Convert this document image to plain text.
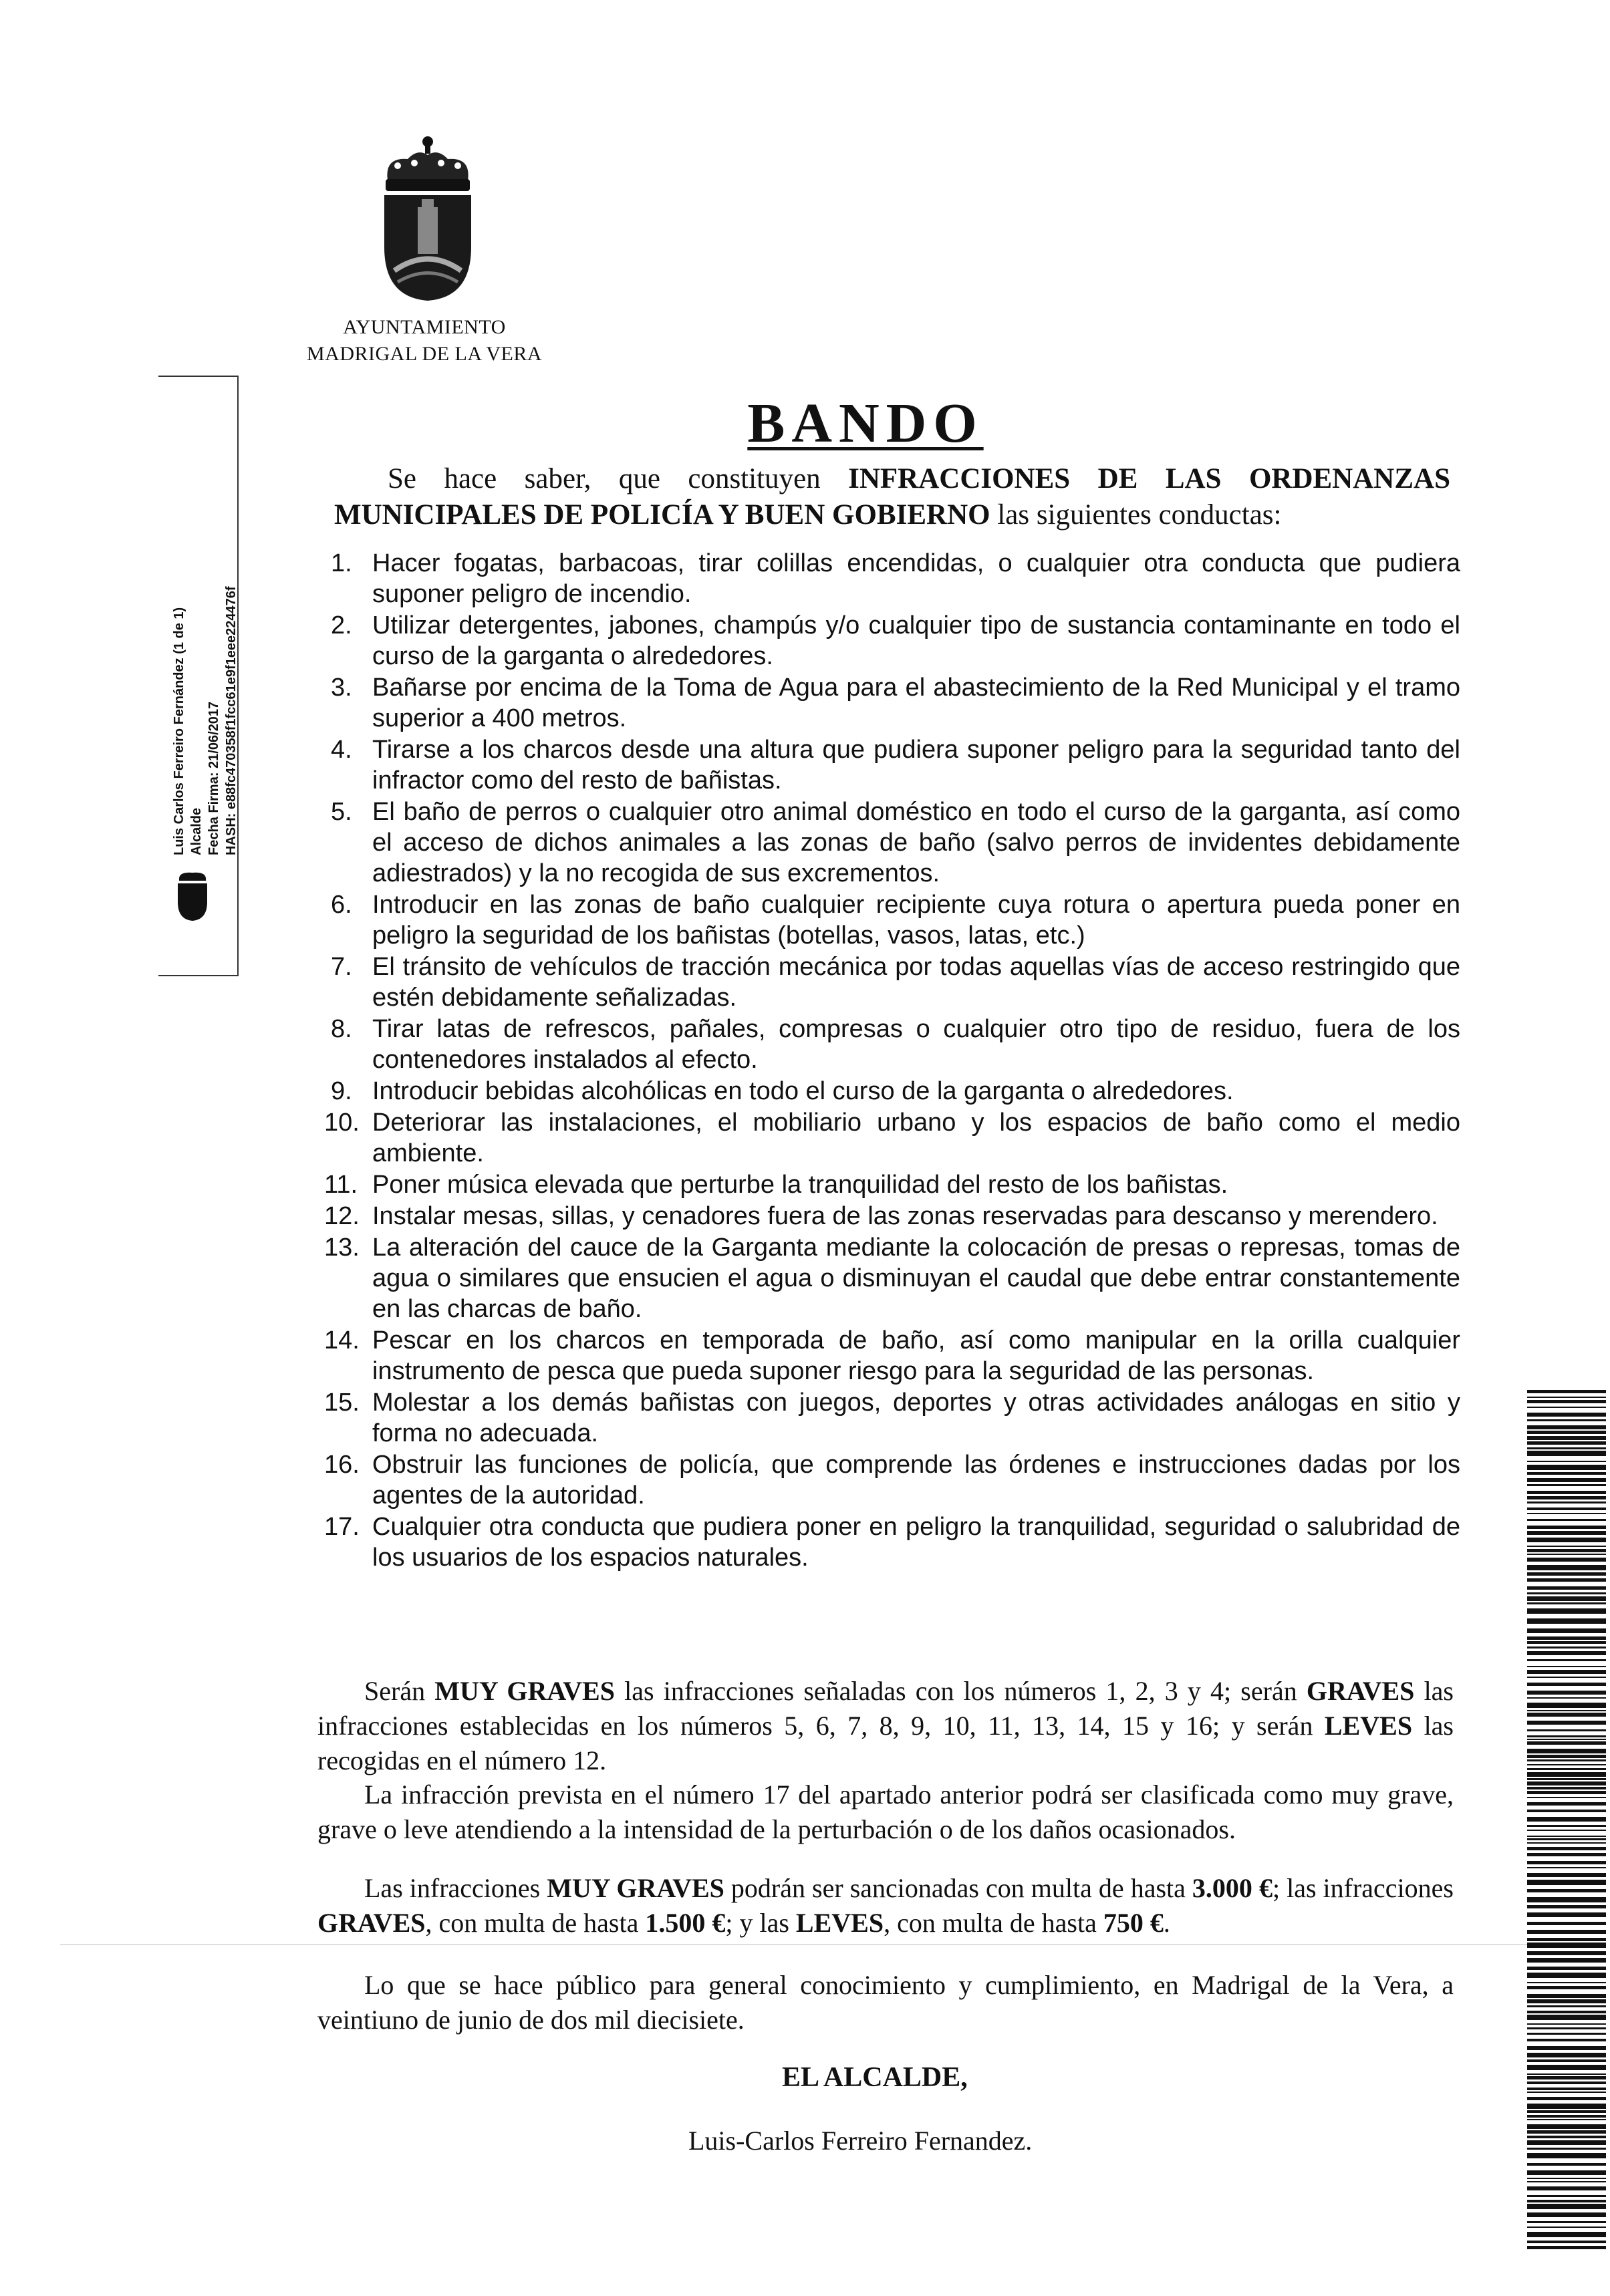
AYUNTAMIENTO
MADRIGAL DE LA VERA
Luis Carlos Ferreiro Fernández (1 de 1) Alcalde Fecha Firma: 21/06/2017 HASH: e88fc470358f1fcc61e9f1eee224476f
BANDO
Se hace saber, que constituyen INFRACCIONES DE LAS ORDENANZAS MUNICIPALES DE POLICÍA Y BUEN GOBIERNO las siguientes conductas:
1. Hacer fogatas, barbacoas, tirar colillas encendidas, o cualquier otra conducta que pudiera suponer peligro de incendio.
2. Utilizar detergentes, jabones, champús y/o cualquier tipo de sustancia contaminante en todo el curso de la garganta o alrededores.
3. Bañarse por encima de la Toma de Agua para el abastecimiento de la Red Municipal y el tramo superior a 400 metros.
4. Tirarse a los charcos desde una altura que pudiera suponer peligro para la seguridad tanto del infractor como del resto de bañistas.
5. El baño de perros o cualquier otro animal doméstico en todo el curso de la garganta, así como el acceso de dichos animales a las zonas de baño (salvo perros de invidentes debidamente adiestrados) y la no recogida de sus excrementos.
6. Introducir en las zonas de baño cualquier recipiente cuya rotura o apertura pueda poner en peligro la seguridad de los bañistas (botellas, vasos, latas, etc.)
7. El tránsito de vehículos de tracción mecánica por todas aquellas vías de acceso restringido que estén debidamente señalizadas.
8. Tirar latas de refrescos, pañales, compresas o cualquier otro tipo de residuo, fuera de los contenedores instalados al efecto.
9. Introducir bebidas alcohólicas en todo el curso de la garganta o alrededores.
10. Deteriorar las instalaciones, el mobiliario urbano y los espacios de baño como el medio ambiente.
11. Poner música elevada que perturbe la tranquilidad del resto de los bañistas.
12. Instalar mesas, sillas, y cenadores fuera de las zonas reservadas para descanso y merendero.
13. La alteración del cauce de la Garganta mediante la colocación de presas o represas, tomas de agua o similares que ensucien el agua o disminuyan el caudal que debe entrar constantemente en las charcas de baño.
14. Pescar en los charcos en temporada de baño, así como manipular en la orilla cualquier instrumento de pesca que pueda suponer riesgo para la seguridad de las personas.
15. Molestar a los demás bañistas con juegos, deportes y otras actividades análogas en sitio y forma no adecuada.
16. Obstruir las funciones de policía, que comprende las órdenes e instrucciones dadas por los agentes de la autoridad.
17. Cualquier otra conducta que pudiera poner en peligro la tranquilidad, seguridad o salubridad de los usuarios de los espacios naturales.
Serán MUY GRAVES las infracciones señaladas con los números 1, 2, 3 y 4; serán GRAVES las infracciones establecidas en los números 5, 6, 7, 8, 9, 10, 11, 13, 14, 15 y 16; y serán LEVES las recogidas en el número 12.
La infracción prevista en el número 17 del apartado anterior podrá ser clasificada como muy grave, grave o leve atendiendo a la intensidad de la perturbación o de los daños ocasionados.
Las infracciones MUY GRAVES podrán ser sancionadas con multa de hasta 3.000 €; las infracciones GRAVES, con multa de hasta 1.500 €; y las LEVES, con multa de hasta 750 €.
Lo que se hace público para general conocimiento y cumplimiento, en Madrigal de la Vera, a veintiuno de junio de dos mil diecisiete.
EL ALCALDE,
Luis-Carlos Ferreiro Fernandez.
